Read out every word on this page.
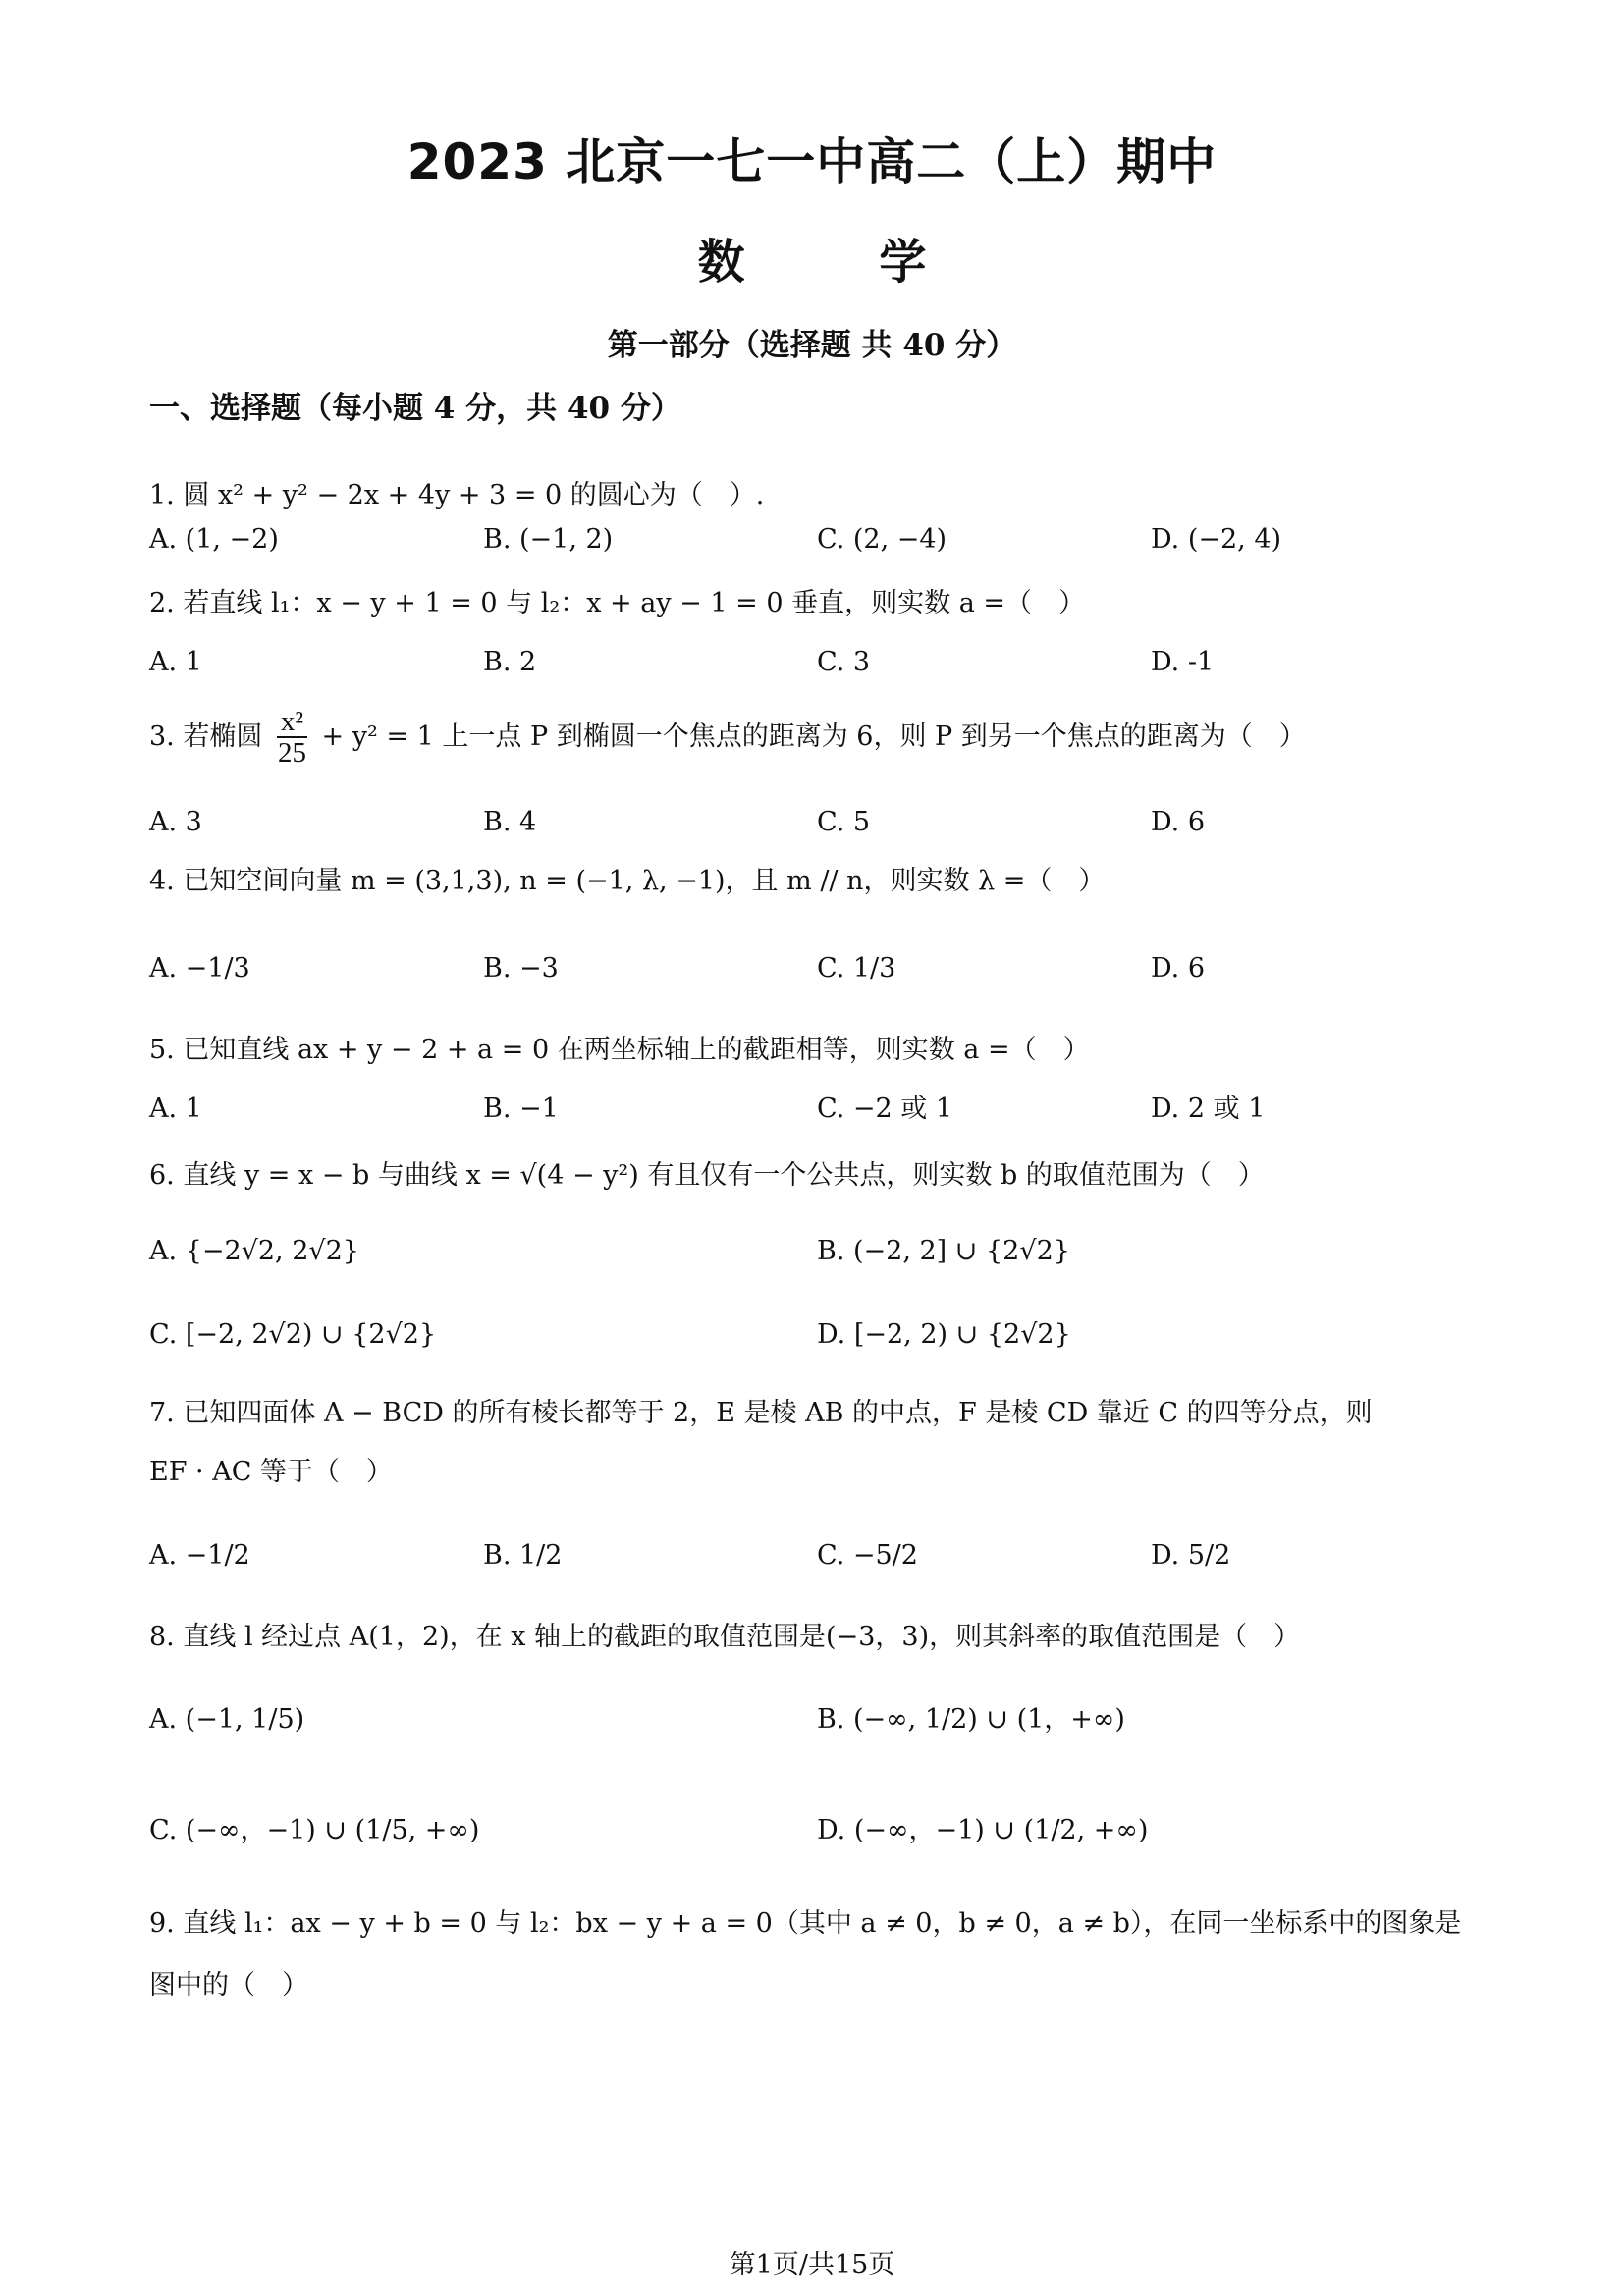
2023 北京一七一中高二（上）期中
数 学
第一部分（选择题 共 40 分）
一、选择题（每小题 4 分，共 40 分）
1. 圆 x² + y² − 2x + 4y + 3 = 0 的圆心为（　）.
A. (1, −2)	B. (−1, 2)	C. (2, −4)	D. (−2, 4)
2. 若直线 l₁：x − y + 1 = 0 与 l₂：x + ay − 1 = 0 垂直，则实数 a =（　）
A. 1	B. 2	C. 3	D. -1
3. 若椭圆 $\frac{\text{x²}}{25} + y^2 = 1$ 上一点 P 到椭圆一个焦点的距离为 6，则 P 到另一个焦点的距离为（　）
A. 3	B. 4	C. 5	D. 6
4. 已知空间向量 m = (3,1,3), n = (−1, λ, −1)，且 m // n，则实数 λ =（　）
A. −1/3	B. −3	C. 1/3	D. 6
5. 已知直线 ax + y − 2 + a = 0 在两坐标轴上的截距相等，则实数 a =（　）
A. 1	B. −1	C. −2 或 1	D. 2 或 1
6. 直线 y = x − b 与曲线 x = √(4 − y²) 有且仅有一个公共点，则实数 b 的取值范围为（　）
A. {−2√2, 2√2}	B. (−2, 2] ∪ {2√2}
C. [−2, 2√2) ∪ {2√2}	D. [−2, 2) ∪ {2√2}
7. 已知四面体 A − BCD 的所有棱长都等于 2，E 是棱 AB 的中点，F 是棱 CD 靠近 C 的四等分点，则
EF · AC 等于（　）
A. −1/2	B. 1/2	C. −5/2	D. 5/2
8. 直线 l 经过点 A(1，2)，在 x 轴上的截距的取值范围是(−3，3)，则其斜率的取值范围是（　）
A. (−1, 1/5)	B. (−∞, 1/2) ∪ (1，+∞)
C. (−∞，−1) ∪ (1/5, +∞)	D. (−∞，−1) ∪ (1/2, +∞)
9. 直线 l₁：ax − y + b = 0 与 l₂：bx − y + a = 0（其中 a ≠ 0，b ≠ 0，a ≠ b），在同一坐标系中的图象是
图中的（　）
第1页/共15页
